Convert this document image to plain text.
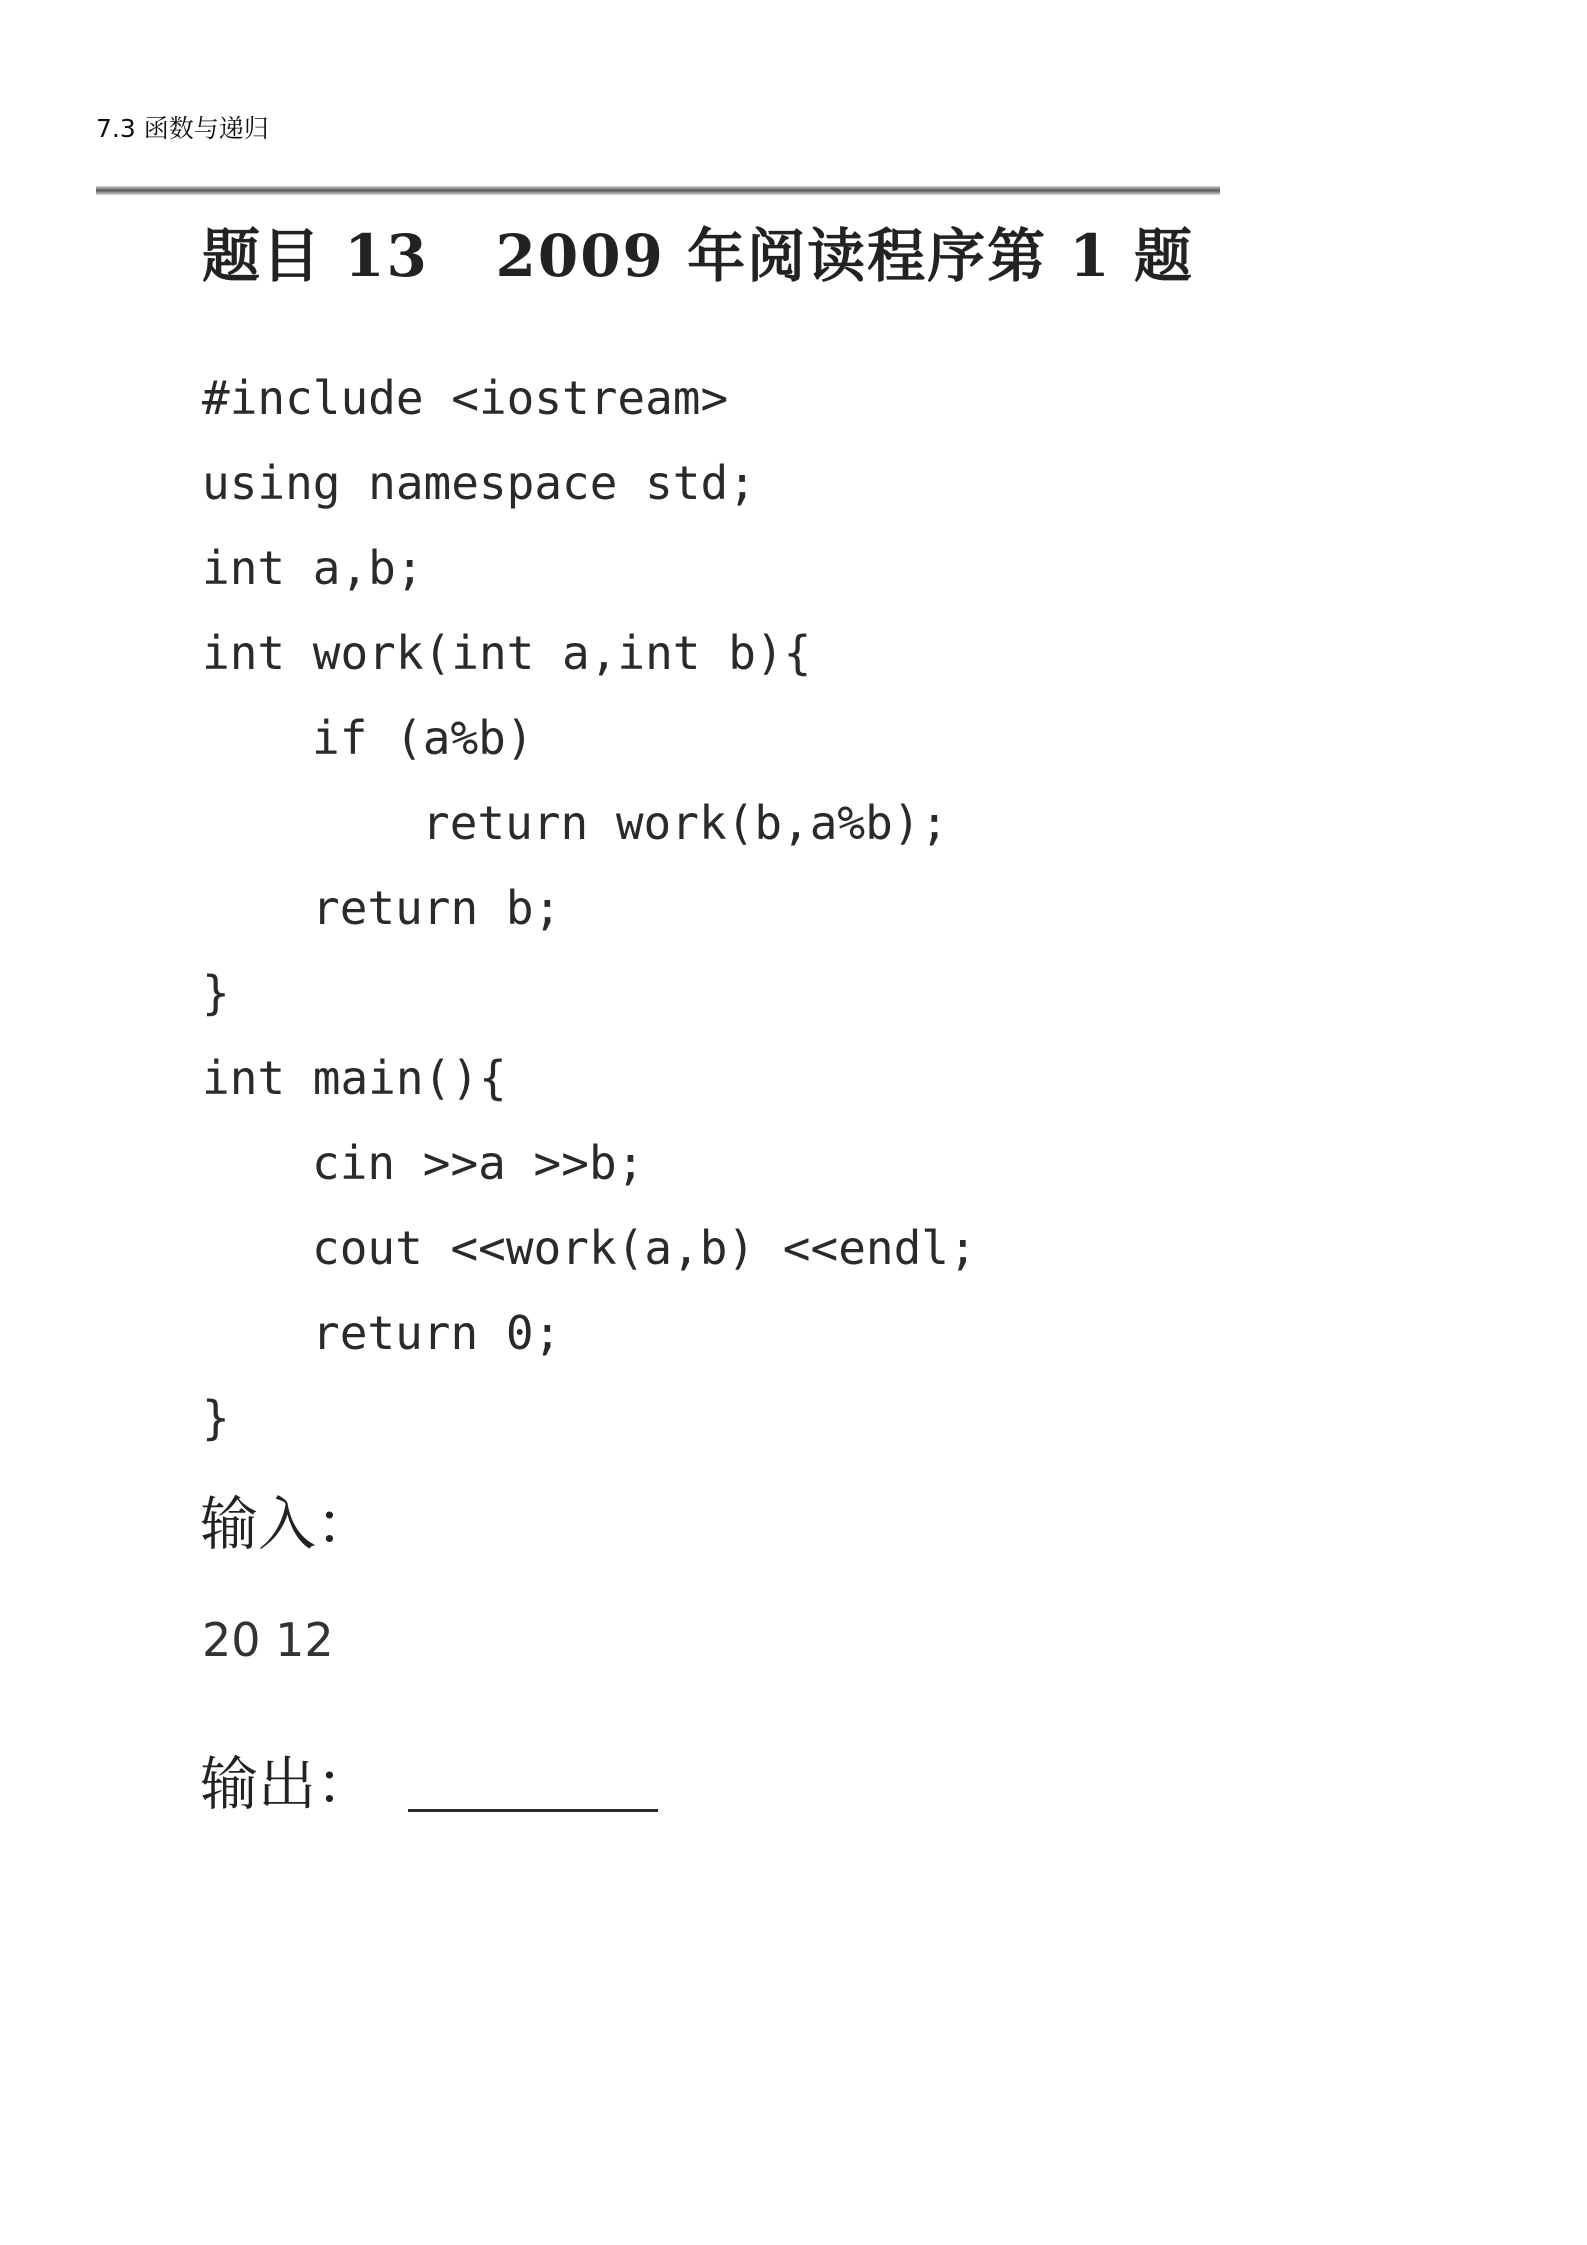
7.3 函数与递归
题目 13   2009 年阅读程序第 1 题
#include <iostream>
using namespace std;
int a,b;
int work(int a,int b){
if (a%b)
return work(b,a%b);
return b;
}
int main(){
cin >>a >>b;
cout <<work(a,b) <<endl;
return 0;
}
输入：
20 12
输出：
